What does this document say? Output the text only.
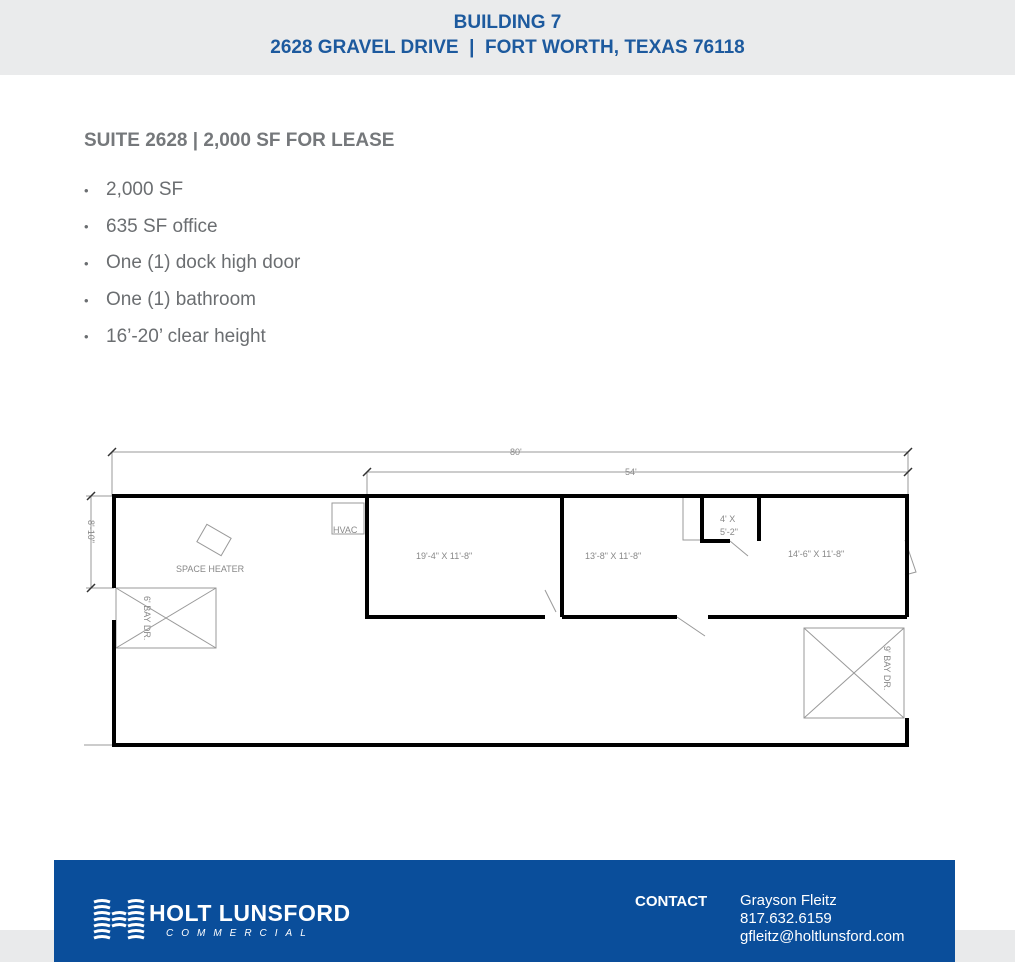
BUILDING 7
2628 GRAVEL DRIVE  |  FORT WORTH, TEXAS 76118
SUITE 2628 | 2,000 SF FOR LEASE
• 2,000 SF
• 635 SF office
• One (1) dock high door
• One (1) bathroom
• 16’-20’ clear height
80'
54'
8'-10"
SPACE HEATER
HVAC
19'-4" X 11'-8"	13'-8" X 11'-8"	14'-6" X 11'-8"
4' X
5'-2"
6' BAY DR.
9' BAY DR.
HOLT LUNSFORD
COMMERCIAL
CONTACT Grayson Fleitz
817.632.6159
gfleitz@holtlunsford.com
